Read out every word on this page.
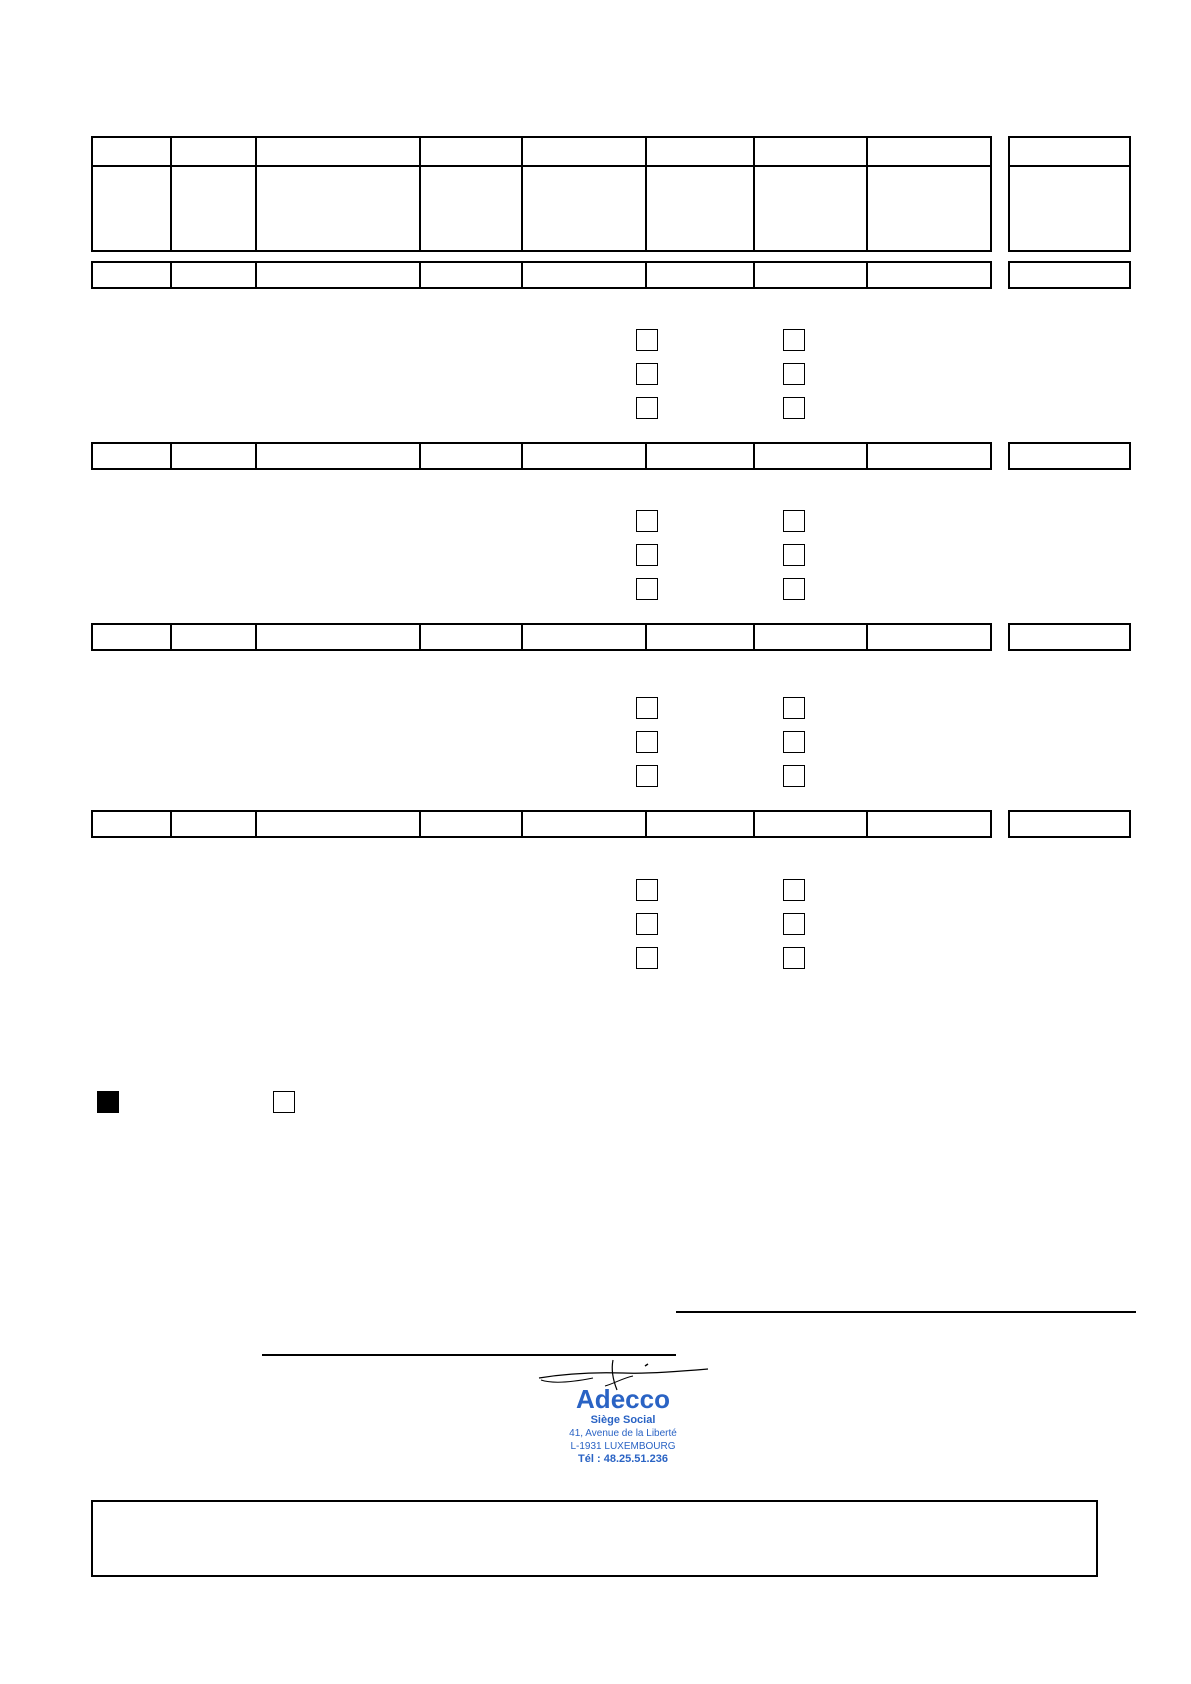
Adecco
Siège Social
41, Avenue de la Liberté
L-1931 LUXEMBOURG
Tél : 48.25.51.236
